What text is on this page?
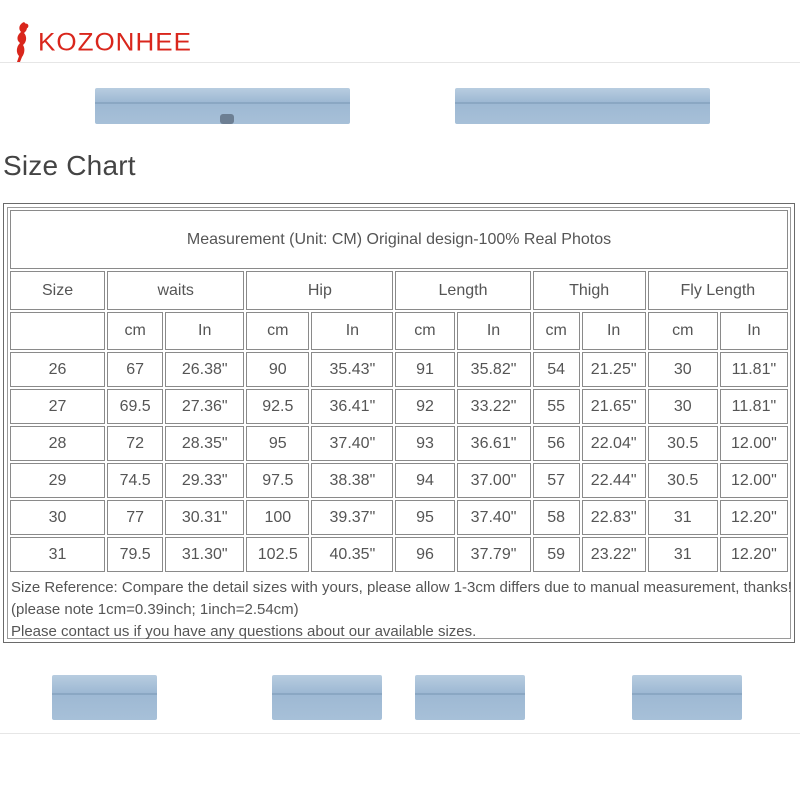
KOZONHEE
Size Chart
Measurement (Unit: CM) Original design-100% Real Photos										
Size	waits		Hip		Length		Thigh		Fly Length	
	cm	In	cm	In	cm	In	cm	In	cm	In
26	67	26.38"	90	35.43"	91	35.82"	54	21.25"	30	11.81"
27	69.5	27.36"	92.5	36.41"	92	33.22"	55	21.65"	30	11.81"
28	72	28.35"	95	37.40"	93	36.61"	56	22.04"	30.5	12.00"
29	74.5	29.33"	97.5	38.38"	94	37.00"	57	22.44"	30.5	12.00"
30	77	30.31"	100	39.37"	95	37.40"	58	22.83"	31	12.20"
31	79.5	31.30"	102.5	40.35"	96	37.79"	59	23.22"	31	12.20"
Size Reference: Compare the detail sizes with yours, please allow 1-3cm differs due to manual measurement, thanks!
(please note 1cm=0.39inch; 1inch=2.54cm)
Please contact us if you have any questions about our available sizes.
